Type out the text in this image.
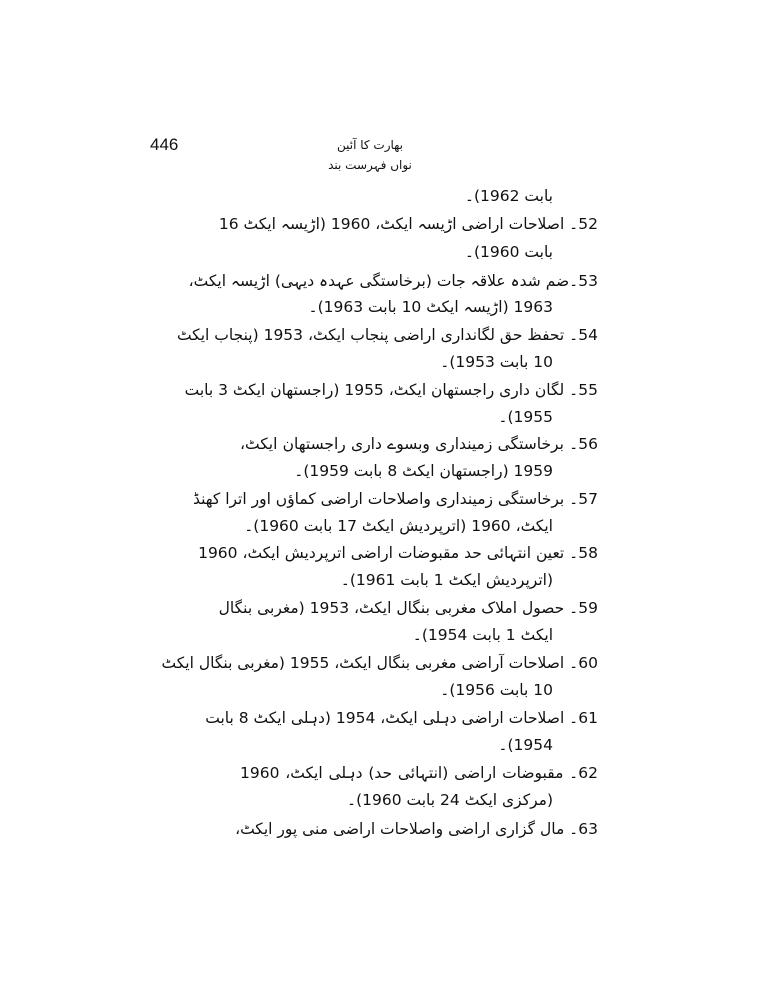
446	بھارت کا آئین
نواں فہرست بند
بابت 1962)۔
52۔ اصلاحات اراضی اڑیسہ ایکٹ، 1960 (اڑیسہ ایکٹ 16
بابت 1960)۔
53۔ضم شدہ علاقہ جات (برخاستگی عہدہ دیہی) اڑیسہ ایکٹ،
1963 (اڑیسہ ایکٹ 10 بابت 1963)۔
54۔ تحفظ حق لگانداری اراضی پنجاب ایکٹ، 1953 (پنجاب ایکٹ
10 بابت 1953)۔
55۔ لگان داری راجستھان ایکٹ، 1955 (راجستھان ایکٹ 3 بابت
1955)۔
56۔ برخاستگی زمینداری وبسوے داری راجستھان ایکٹ،
1959 (راجستھان ایکٹ 8 بابت 1959)۔
57۔ برخاستگی زمینداری واصلاحات اراضی کماؤں اور اترا کھنڈ
ایکٹ، 1960 (اترپردیش ایکٹ 17 بابت 1960)۔
58۔ تعین انتہائی حد مقبوضات اراضی اترپردیش ایکٹ، 1960
(اترپردیش ایکٹ 1 بابت 1961)۔
59۔ حصول املاک مغربی بنگال ایکٹ، 1953 (مغربی بنگال
ایکٹ 1 بابت 1954)۔
60۔ اصلاحات آراضی مغربی بنگال ایکٹ، 1955 (مغربی بنگال ایکٹ
10 بابت 1956)۔
61۔ اصلاحات اراضی دہلی ایکٹ، 1954 (دہلی ایکٹ 8 بابت
1954)۔
62۔ مقبوضات اراضی (انتہائی حد) دہلی ایکٹ، 1960
(مرکزی ایکٹ 24 بابت 1960)۔
63۔ مال گزاری اراضی واصلاحات اراضی منی پور ایکٹ،
